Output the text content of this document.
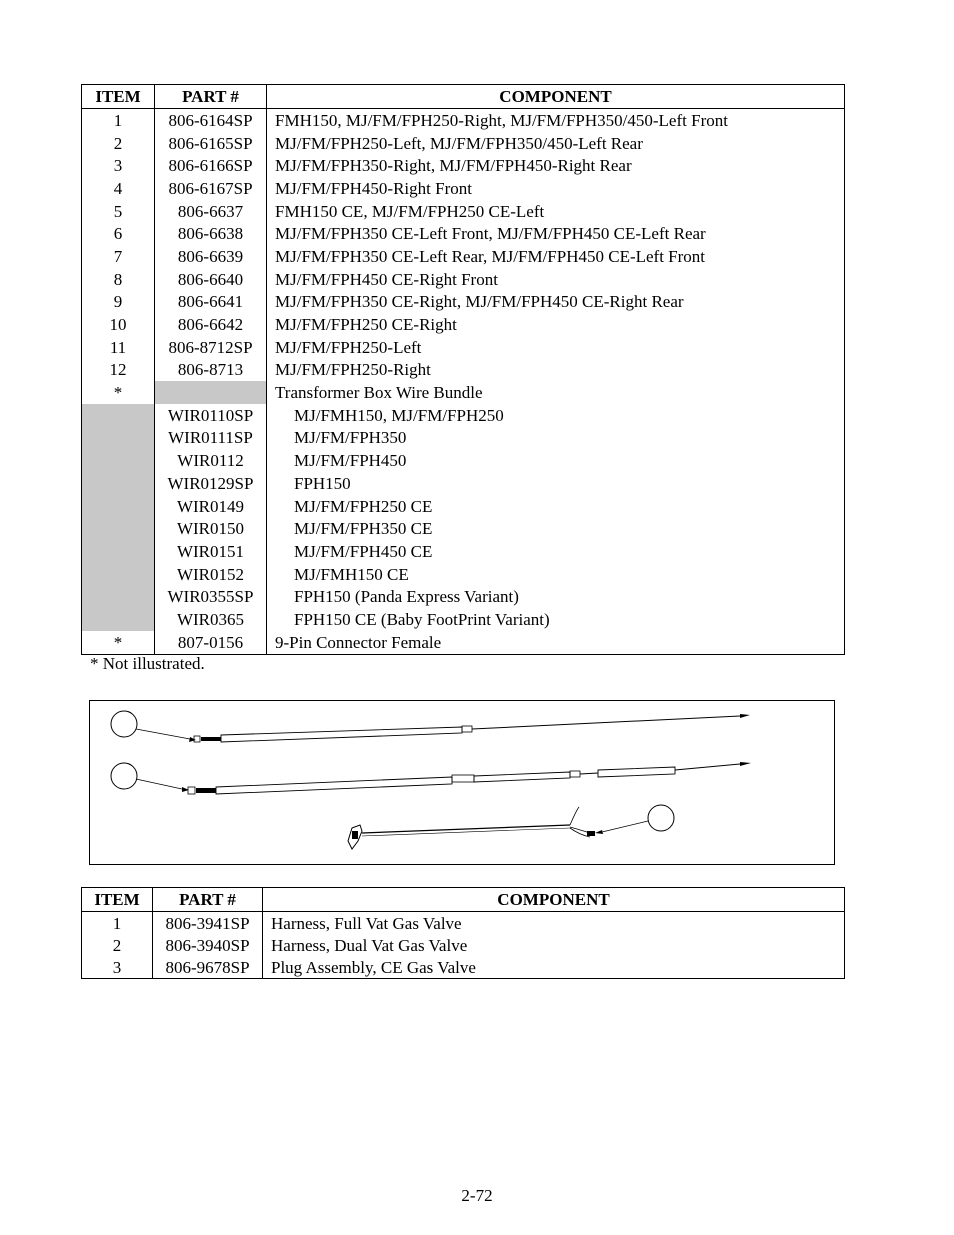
ITEM	PART #	COMPONENT
1	806-6164SP	FMH150, MJ/FM/FPH250-Right, MJ/FM/FPH350/450-Left Front
2	806-6165SP	MJ/FM/FPH250-Left, MJ/FM/FPH350/450-Left Rear
3	806-6166SP	MJ/FM/FPH350-Right, MJ/FM/FPH450-Right Rear
4	806-6167SP	MJ/FM/FPH450-Right Front
5	806-6637	FMH150 CE, MJ/FM/FPH250 CE-Left
6	806-6638	MJ/FM/FPH350 CE-Left Front, MJ/FM/FPH450 CE-Left Rear
7	806-6639	MJ/FM/FPH350 CE-Left Rear, MJ/FM/FPH450 CE-Left Front
8	806-6640	MJ/FM/FPH450 CE-Right Front
9	806-6641	MJ/FM/FPH350 CE-Right, MJ/FM/FPH450 CE-Right Rear
10	806-6642	MJ/FM/FPH250 CE-Right
11	806-8712SP	MJ/FM/FPH250-Left
12	806-8713	MJ/FM/FPH250-Right
*		Transformer Box Wire Bundle
	WIR0110SP	MJ/FMH150, MJ/FM/FPH250
	WIR0111SP	MJ/FM/FPH350
	WIR0112	MJ/FM/FPH450
	WIR0129SP	FPH150
	WIR0149	MJ/FM/FPH250 CE
	WIR0150	MJ/FM/FPH350 CE
	WIR0151	MJ/FM/FPH450 CE
	WIR0152	MJ/FMH150 CE
	WIR0355SP	FPH150 (Panda Express Variant)
	WIR0365	FPH150 CE (Baby FootPrint Variant)
*	807-0156	9-Pin Connector Female
* Not illustrated.
ITEM	PART #	COMPONENT
1	806-3941SP	Harness, Full Vat Gas Valve
2	806-3940SP	Harness, Dual Vat Gas Valve
3	806-9678SP	Plug Assembly, CE Gas Valve
2-72
